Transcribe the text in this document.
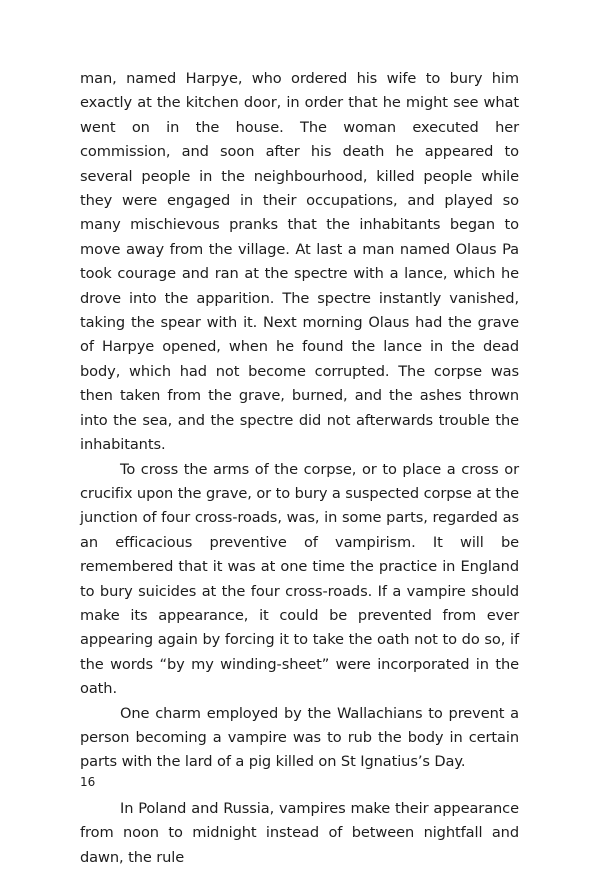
man, named Harpye, who ordered his wife to bury him exactly at the kitchen door, in order that he might see what went on in the house. The woman executed her commission, and soon after his death he appeared to several people in the neighbourhood, killed people while they were engaged in their occupations, and played so many mischievous pranks that the inhabitants began to move away from the village. At last a man named Olaus Pa took courage and ran at the spectre with a lance, which he drove into the apparition. The spectre instantly vanished, taking the spear with it. Next morning Olaus had the grave of Harpye opened, when he found the lance in the dead body, which had not become corrupted. The corpse was then taken from the grave, burned, and the ashes thrown into the sea, and the spectre did not afterwards trouble the inhabitants.

To cross the arms of the corpse, or to place a cross or crucifix upon the grave, or to bury a suspected corpse at the junction of four cross-roads, was, in some parts, regarded as an efficacious preventive of vampirism. It will be remembered that it was at one time the practice in England to bury suicides at the four cross-roads. If a vampire should make its appearance, it could be prevented from ever appearing again by forcing it to take the oath not to do so, if the words “by my winding-sheet” were incorporated in the oath.

One charm employed by the Wallachians to prevent a person becoming a vampire was to rub the body in certain parts with the lard of a pig killed on St Ignatius’s Day.

In Poland and Russia, vampires make their appearance from noon to midnight instead of between nightfall and dawn, the rule

16
